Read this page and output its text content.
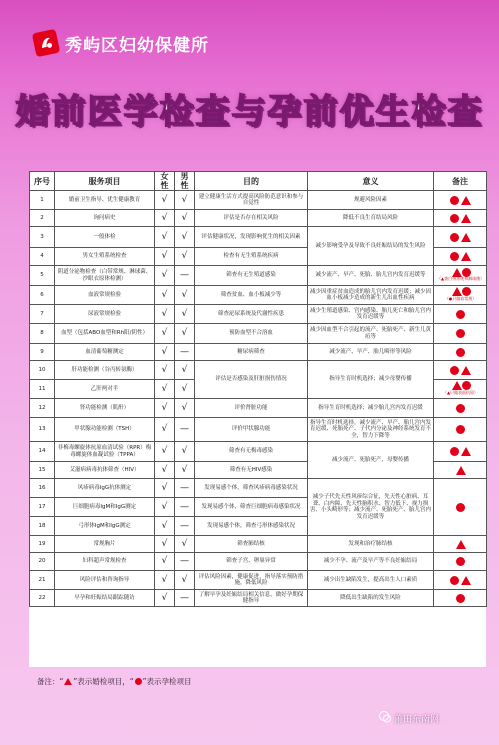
秀屿区妇幼保健所
婚前医学检查与孕前优生检查
序号	服务项目	女性	男性	目的	意义	备注
1	婚前卫生指导、优生健康教育	√	√	建立健康生活方式提高风险防范意识和参与自觉性	规避风险因素	
2	询问病史	√	√	评估是否存在相关风险	降低不良生育结局风险	
3	一般体检	√	√	评估健康状况，发现影响优生的相关因素	减少影响受孕及导致不良妊娠结局的发生风险	
4	男女生殖系统检查	√	√	检查有无生殖系统疾病		
5	阴道分泌物检查（白带常规、淋球菌、沙眼衣原体检测）	√	—	筛查有无生殖道感染	减少流产、早产、死胎、胎儿宫内发育迟缓等	（▲查白带常规和淋球菌）
6	血液常规检验	√	√	筛查贫血、血小板减少等	减少因重症贫血造成的胎儿宫内发育迟缓；减少因血小板减少造成的新生儿出血性疾病	（●只做血常规）
7	尿液常规检验	√	√	筛查泌尿系统及代谢性疾患	减少生殖道感染、宫内感染、胎儿死亡和胎儿宫内发育迟缓等	
8	血型（包括ABO血型和Rh阳/阴性）	√	√	预防血型不合溶血	减少因血型不合引起的流产、死胎死产、新生儿黄疸等	
9	血清葡萄糖测定	√	—	糖尿病筛查	减少流产、早产、胎儿畸形等风险	
10	肝功能检测（谷丙转氨酶）	√	√	评估是否感染及肝脏损伤情况	指导生育时机选择；减少母婴传播	
11	乙肝两对半	√	√			（▲只做表面抗原）
12	肾功能检测（肌酐）	√	√	评价肾脏功能	指导生育时机选择；减少胎儿宫内发育迟缓	
13	甲状腺功能检测（TSH）	√	—	评价甲状腺功能	指导生育时机选择，减少流产、早产、胎儿宫内发育迟缓、死胎死产、子代内分泌及神经系统发育不全，智力下降等	
14	非梅毒螺旋体抗原血清试验（RPR）梅毒螺旋体血凝试验（TPPA）	√	√	筛查有无梅毒感染	减少流产、死胎死产、母婴传播	
15	艾滋病病毒抗体筛查（HIV）	√	√	筛查有无HIV感染		
16	风疹病毒IgG抗体测定	√	—	发现易感个体，筛查风疹病毒感染状况	减少子代先天性风疹综合征，先天性心脏病、耳聋、白内障、先天性脑积水、智力低下、视力损害、小头畸形等；减少流产、死胎死产、胎儿宫内发育迟缓等	
17	巨细胞病毒IgM和IgG测定	√	—	发现易感个体，筛查巨细胞病毒感染状况		
18	弓形体IgM和IgG测定	√	—	发现易感个体，筛查弓形体感染状况		
19	常规胸片	√	√	筛查肺结核	发现和治疗肺结核	
20	妇科超声常规检查	√	—	筛查子宫、卵巢异常	减少不孕、流产及早产等不良妊娠结局	
21	风险评估和咨询指导	√	√	评估风险因素，健康促进，指导落实预防措施，降低风险	减少出生缺陷发生，提高出生人口素质	
22	早孕和妊娠结局跟踪随访	√	—	了解早孕及妊娠结局相关信息，做好孕期保健指导	降低出生缺陷的发生风险	
备注：“ ”表示婚检项目，“ ”表示孕检项目
莆田东南网
